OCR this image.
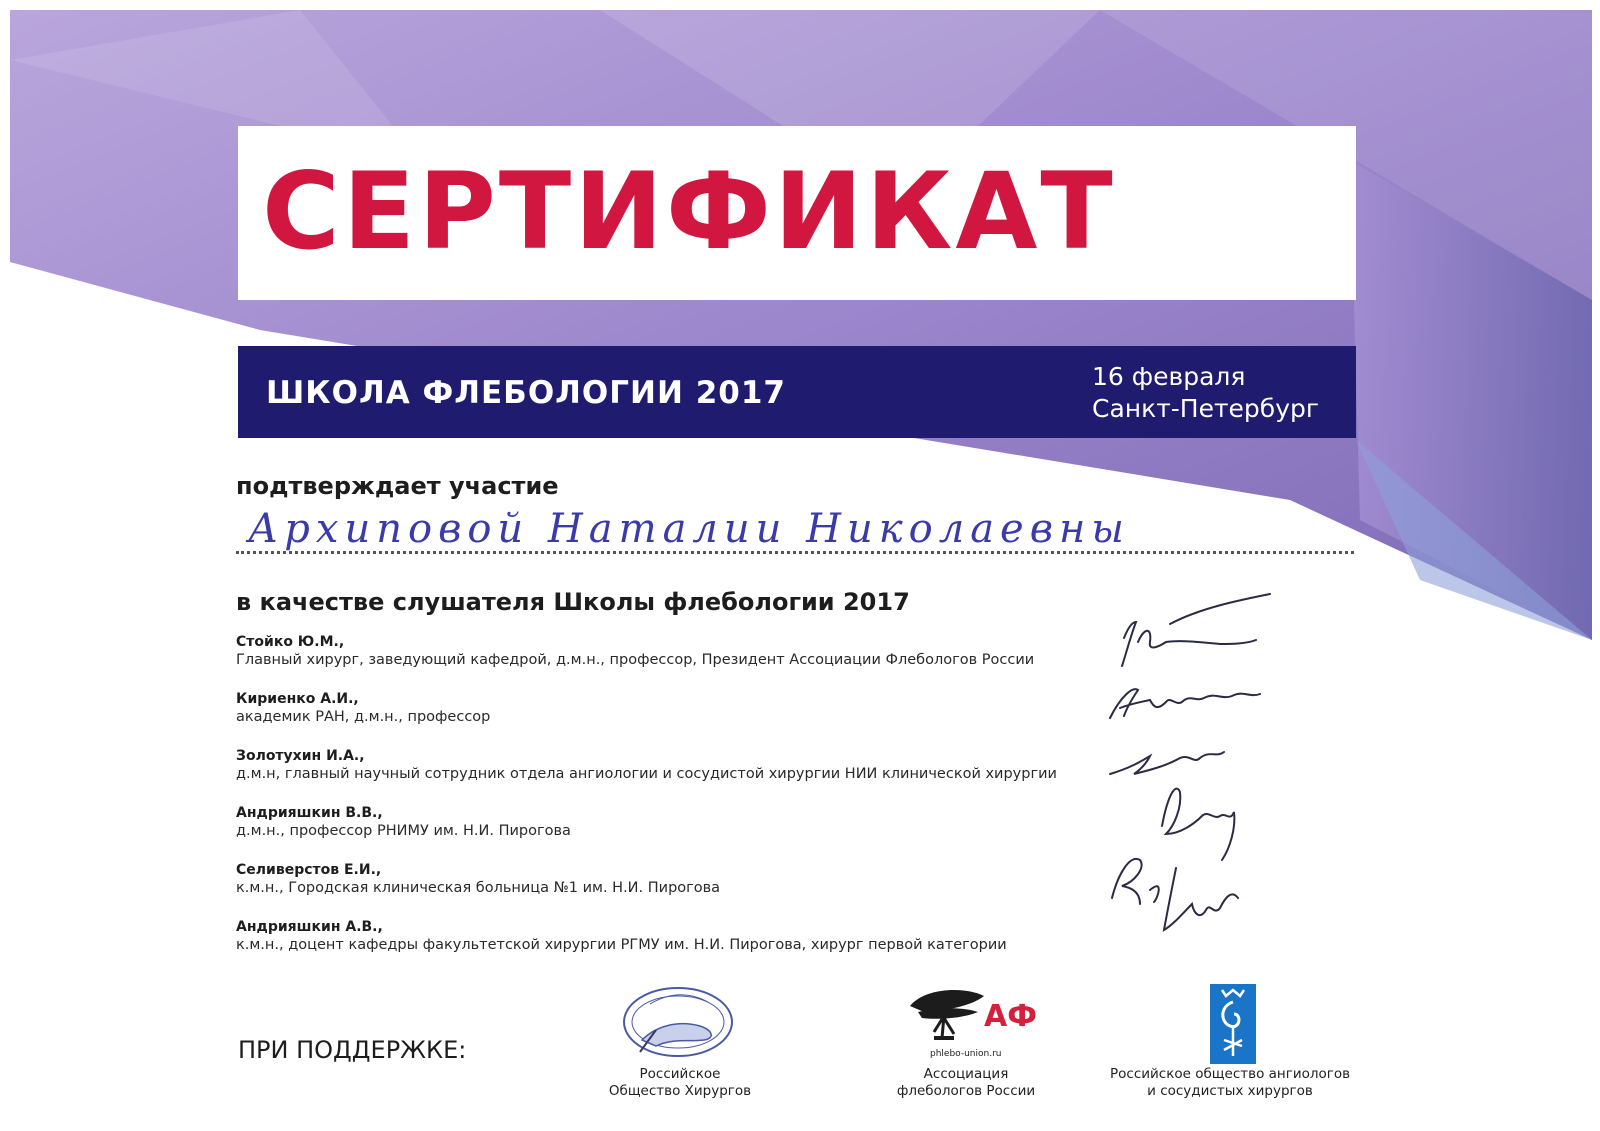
СЕРТИФИКАТ
ШКОЛА ФЛЕБОЛОГИИ 2017	16 февраля
Санкт-Петербург
подтверждает участие
Архиповой Наталии Николаевны
в качестве слушателя Школы флебологии 2017
Стойко Ю.М.,
Главный хирург, заведующий кафедрой, д.м.н., профессор, Президент Ассоциации Флебологов России
Кириенко А.И.,
академик РАН, д.м.н., профессор
Золотухин И.А.,
д.м.н, главный научный сотрудник отдела ангиологии и сосудистой хирургии НИИ клинической хирургии
Андрияшкин В.В.,
д.м.н., профессор РНИМУ им. Н.И. Пирогова
Селиверстов Е.И.,
к.м.н., Городская клиническая больница №1 им. Н.И. Пирогова
Андрияшкин А.В.,
к.м.н., доцент кафедры факультетской хирургии РГМУ им. Н.И. Пирогова, хирург первой категории
ПРИ ПОДДЕРЖКЕ:
АФ
phlebo-union.ru
Российское
Общество Хирургов
Ассоциация
флебологов России
Российское общество ангиологов
и сосудистых хирургов
